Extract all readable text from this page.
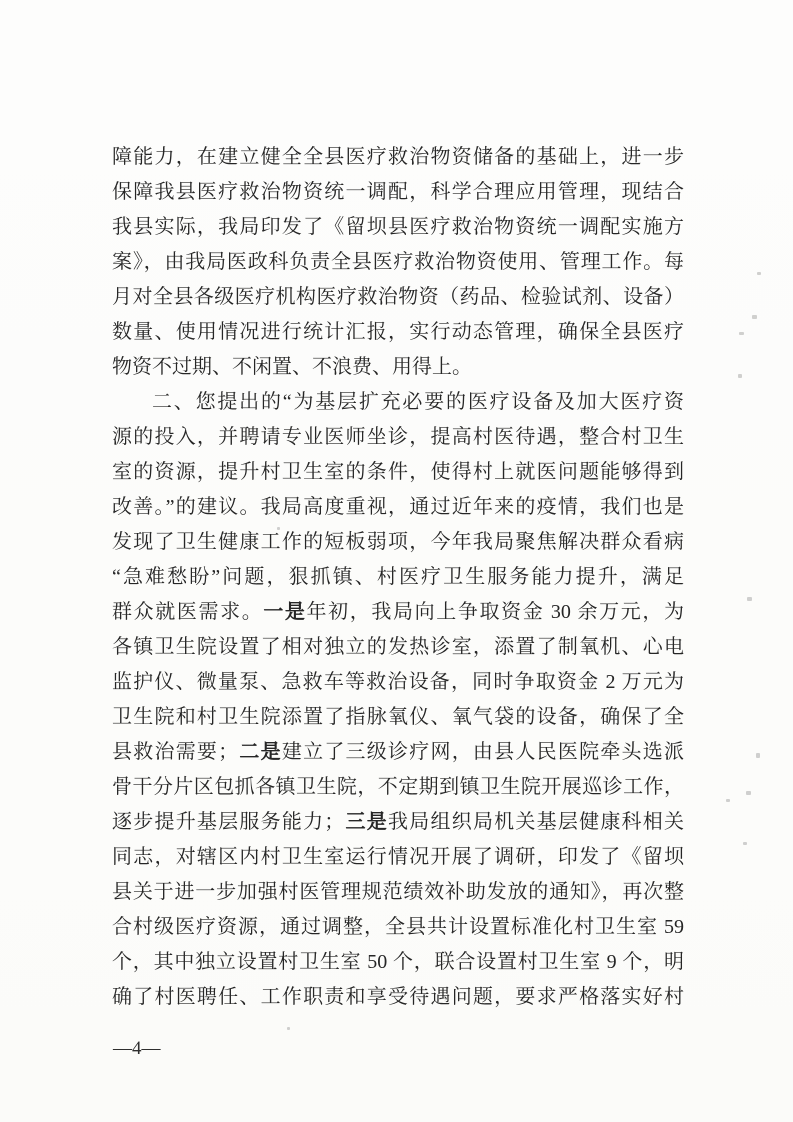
障能力，在建立健全全县医疗救治物资储备的基础上，进一步
保障我县医疗救治物资统一调配，科学合理应用管理，现结合
我县实际，我局印发了《留坝县医疗救治物资统一调配实施方
案》，由我局医政科负责全县医疗救治物资使用、管理工作。每
月对全县各级医疗机构医疗救治物资（药品、检验试剂、设备）
数量、使用情况进行统计汇报，实行动态管理，确保全县医疗
物资不过期、不闲置、不浪费、用得上。
二、您提出的“为基层扩充必要的医疗设备及加大医疗资
源的投入，并聘请专业医师坐诊，提高村医待遇，整合村卫生
室的资源，提升村卫生室的条件，使得村上就医问题能够得到
改善。”的建议。我局高度重视，通过近年来的疫情，我们也是
发现了卫生健康工作的短板弱项，今年我局聚焦解决群众看病
“急难愁盼”问题，狠抓镇、村医疗卫生服务能力提升，满足
群众就医需求。一是年初，我局向上争取资金 30 余万元，为
各镇卫生院设置了相对独立的发热诊室，添置了制氧机、心电
监护仪、微量泵、急救车等救治设备，同时争取资金 2 万元为
卫生院和村卫生院添置了指脉氧仪、氧气袋的设备，确保了全
县救治需要；二是建立了三级诊疗网，由县人民医院牵头选派
骨干分片区包抓各镇卫生院，不定期到镇卫生院开展巡诊工作，
逐步提升基层服务能力；三是我局组织局机关基层健康科相关
同志，对辖区内村卫生室运行情况开展了调研，印发了《留坝
县关于进一步加强村医管理规范绩效补助发放的通知》，再次整
合村级医疗资源，通过调整，全县共计设置标准化村卫生室 59
个，其中独立设置村卫生室 50 个，联合设置村卫生室 9 个，明
确了村医聘任、工作职责和享受待遇问题，要求严格落实好村
—4—
